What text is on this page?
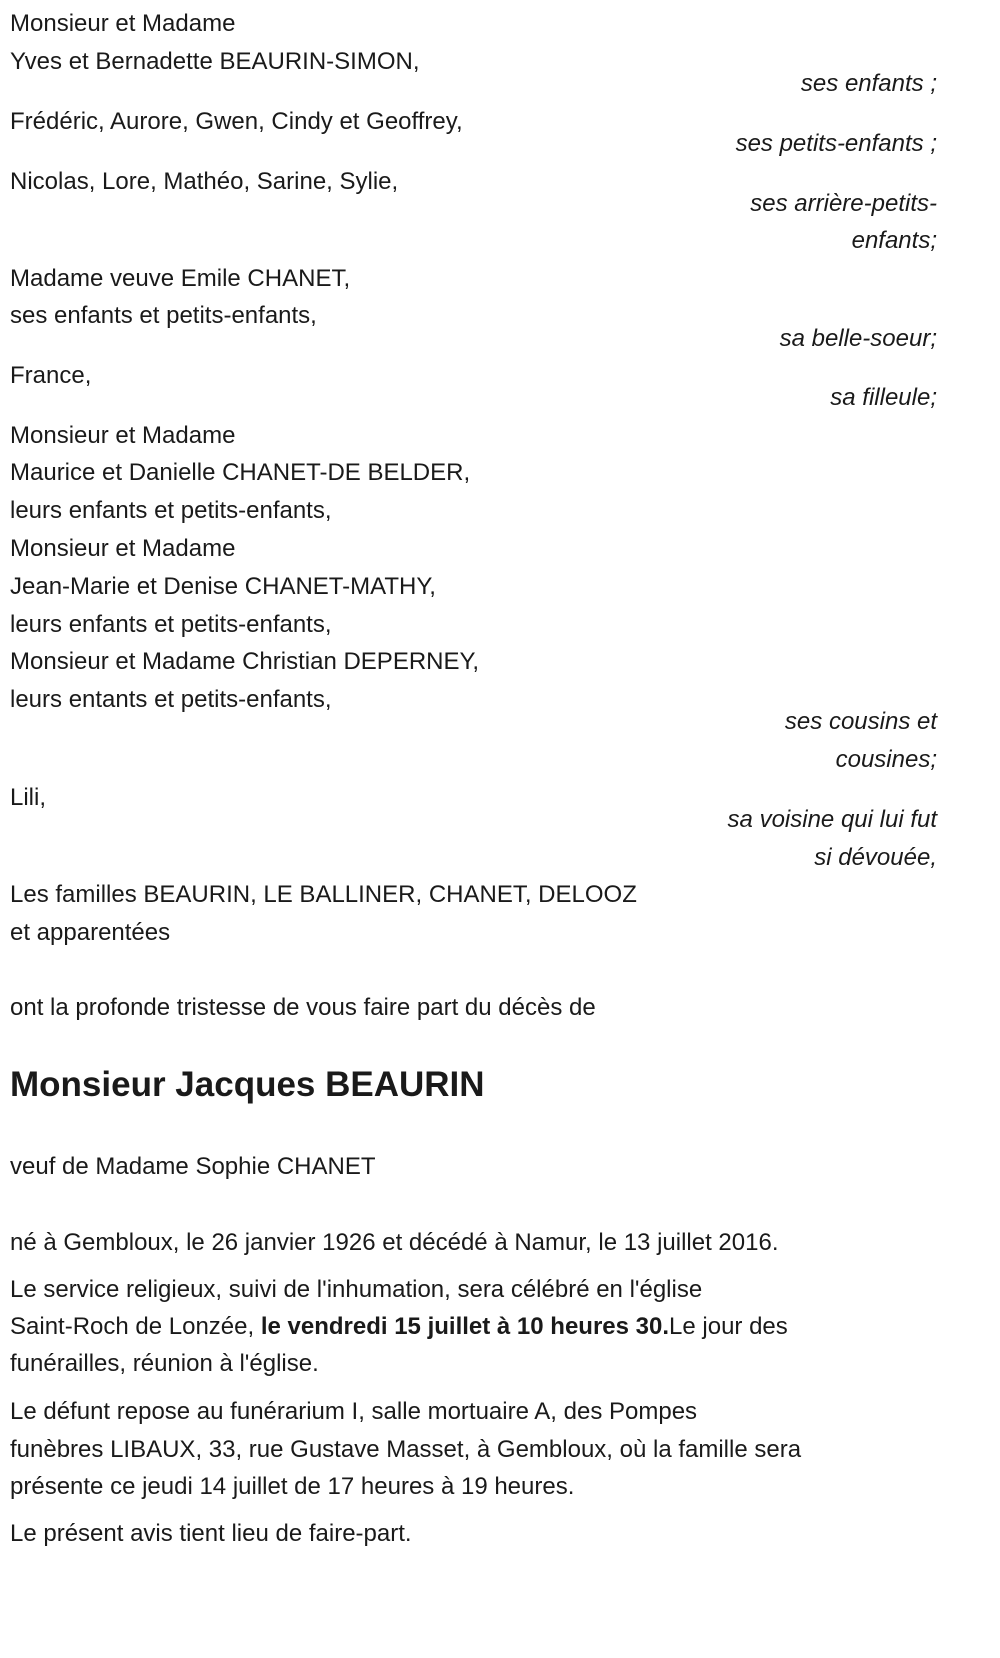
Monsieur et Madame
Yves et Bernadette BEAURIN-SIMON,
ses enfants ;
Frédéric, Aurore, Gwen, Cindy et Geoffrey,
ses petits-enfants ;
Nicolas, Lore, Mathéo, Sarine, Sylie,
ses arrière-petits-
enfants;
Madame veuve Emile CHANET,
ses enfants et petits-enfants,
sa belle-soeur;
France,
sa filleule;
Monsieur et Madame
Maurice et Danielle CHANET-DE BELDER,
leurs enfants et petits-enfants,
Monsieur et Madame
Jean-Marie et Denise CHANET-MATHY,
leurs enfants et petits-enfants,
Monsieur et Madame Christian DEPERNEY,
leurs entants et petits-enfants,
ses cousins et
cousines;
Lili,
sa voisine qui lui fut
si dévouée,
Les familles BEAURIN, LE BALLINER, CHANET, DELOOZ
et apparentées
ont la profonde tristesse de vous faire part du décès de
Monsieur Jacques BEAURIN
veuf de Madame Sophie CHANET
né à Gembloux, le 26 janvier 1926 et décédé à Namur, le 13 juillet 2016.
Le service religieux, suivi de l'inhumation, sera célébré en l'église
Saint-Roch de Lonzée, le vendredi 15 juillet à 10 heures 30.Le jour des
funérailles, réunion à l'église.
Le défunt repose au funérarium I, salle mortuaire A, des Pompes
funèbres LIBAUX, 33, rue Gustave Masset, à Gembloux, où la famille sera
présente ce jeudi 14 juillet de 17 heures à 19 heures.
Le présent avis tient lieu de faire-part.
